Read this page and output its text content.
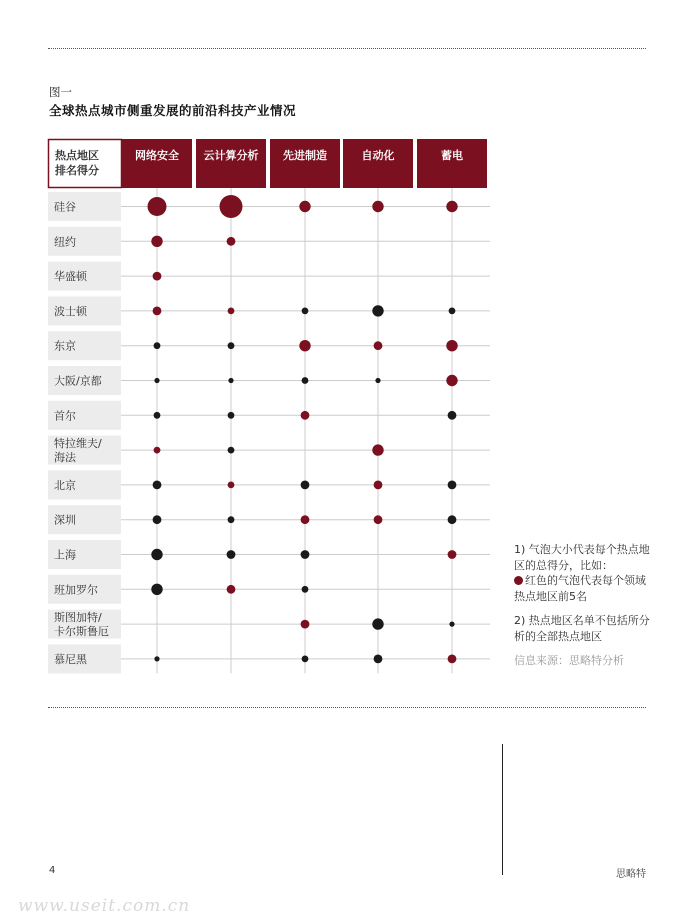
图一
全球热点城市侧重发展的前沿科技产业情况
热点地区
排名得分
网络安全 云计算分析 先进制造	自动化	蓄电
硅谷
纽约
华盛顿
波士顿
东京
大阪/京都
首尔
特拉维夫/
海法
北京
深圳
上海
班加罗尔
斯图加特/
卡尔斯鲁厄
慕尼黑

1) 气泡大小代表每个热点地区的总得分，比如：
红色的气泡代表每个领域热点地区前5名

2) 热点地区名单不包括所分析的全部热点地区

信息来源：思略特分析

4	思略特
www.useit.com.cn
